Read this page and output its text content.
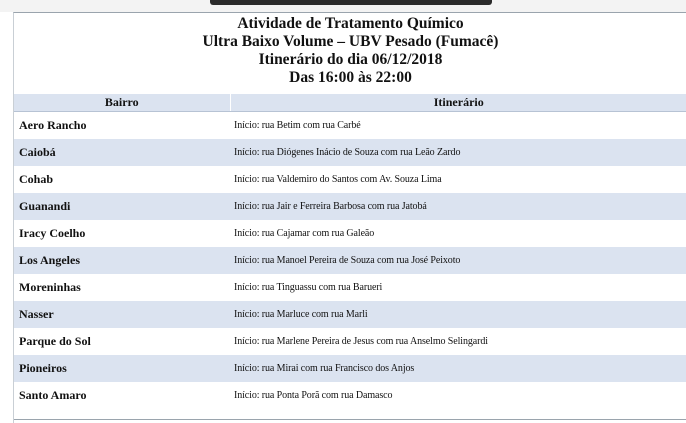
Atividade de Tratamento Químico
Ultra Baixo Volume – UBV Pesado (Fumacê)
Itinerário do dia 06/12/2018
Das 16:00 às 22:00
Bairro	Itinerário
Aero Rancho	Início: rua Betim com rua Carbé
Caiobá	Início: rua Diógenes Inácio de Souza com rua Leão Zardo
Cohab	Início: rua Valdemiro do Santos com Av. Souza Lima
Guanandi	Início: rua Jair e Ferreira Barbosa com rua Jatobá
Iracy Coelho	Início: rua Cajamar com rua Galeão
Los Angeles	Início: rua Manoel Pereira de Souza com rua José Peixoto
Moreninhas	Início: rua Tinguassu com rua Barueri
Nasser	Início: rua Marluce com rua Marli
Parque do Sol	Início: rua Marlene Pereira de Jesus com rua Anselmo Selingardi
Pioneiros	Início: rua Mirai com rua Francisco dos Anjos
Santo Amaro	Início: rua Ponta Porã com rua Damasco
